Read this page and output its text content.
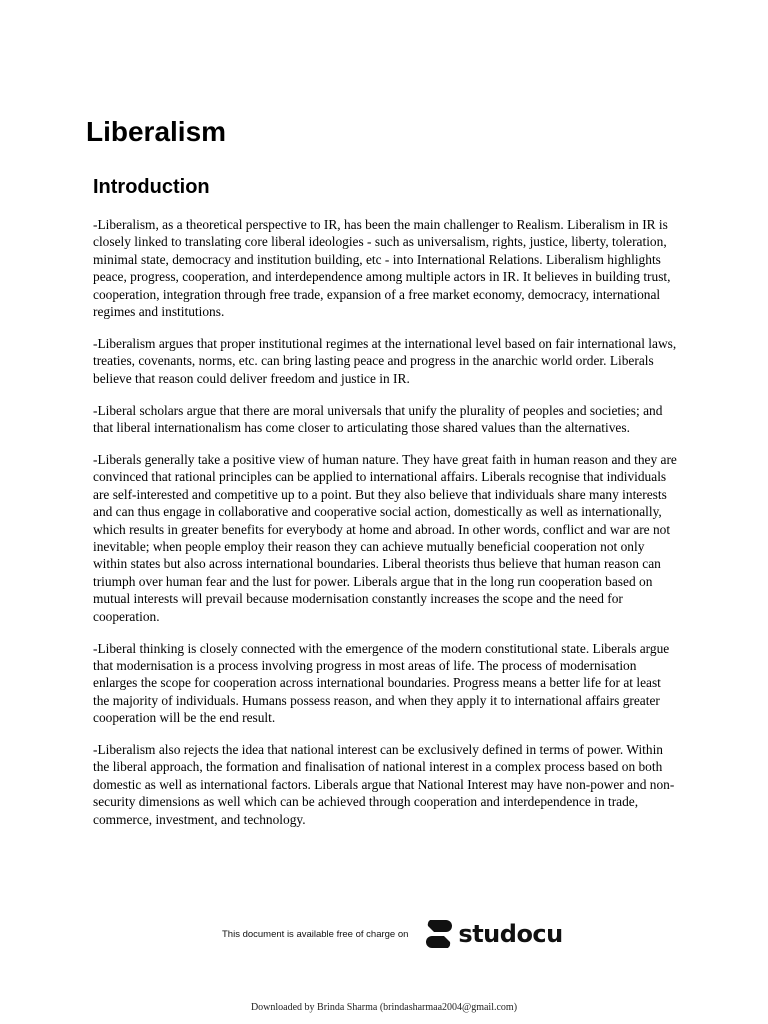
Liberalism
Introduction

-Liberalism, as a theoretical perspective to IR, has been the main challenger to Realism. Liberalism in IR is closely linked to translating core liberal ideologies - such as universalism, rights, justice, liberty, toleration, minimal state, democracy and institution building, etc - into International Relations. Liberalism highlights peace, progress, cooperation, and interdependence among multiple actors in IR. It believes in building trust, cooperation, integration through free trade, expansion of a free market economy, democracy, international regimes and institutions.

-Liberalism argues that proper institutional regimes at the international level based on fair international laws, treaties, covenants, norms, etc. can bring lasting peace and progress in the anarchic world order. Liberals believe that reason could deliver freedom and justice in IR.

-Liberal scholars argue that there are moral universals that unify the plurality of peoples and societies; and that liberal internationalism has come closer to articulating those shared values than the alternatives.

-Liberals generally take a positive view of human nature. They have great faith in human reason and they are convinced that rational principles can be applied to international affairs. Liberals recognise that individuals are self-interested and competitive up to a point. But they also believe that individuals share many interests and can thus engage in collaborative and cooperative social action, domestically as well as internationally, which results in greater benefits for everybody at home and abroad. In other words, conflict and war are not inevitable; when people employ their reason they can achieve mutually beneficial cooperation not only within states but also across international boundaries. Liberal theorists thus believe that human reason can triumph over human fear and the lust for power. Liberals argue that in the long run cooperation based on mutual interests will prevail because modernisation constantly increases the scope and the need for cooperation.

-Liberal thinking is closely connected with the emergence of the modern constitutional state. Liberals argue that modernisation is a process involving progress in most areas of life. The process of modernisation enlarges the scope for cooperation across international boundaries. Progress means a better life for at least the majority of individuals. Humans possess reason, and when they apply it to international affairs greater cooperation will be the end result.

-Liberalism also rejects the idea that national interest can be exclusively defined in terms of power. Within the liberal approach, the formation and finalisation of national interest in a complex process based on both domestic as well as international factors. Liberals argue that National Interest may have non-power and non-security dimensions as well which can be achieved through cooperation and interdependence in trade, commerce, investment, and technology.

This document is available free of charge on studocu
Downloaded by Brinda Sharma (brindasharmaa2004@gmail.com)
